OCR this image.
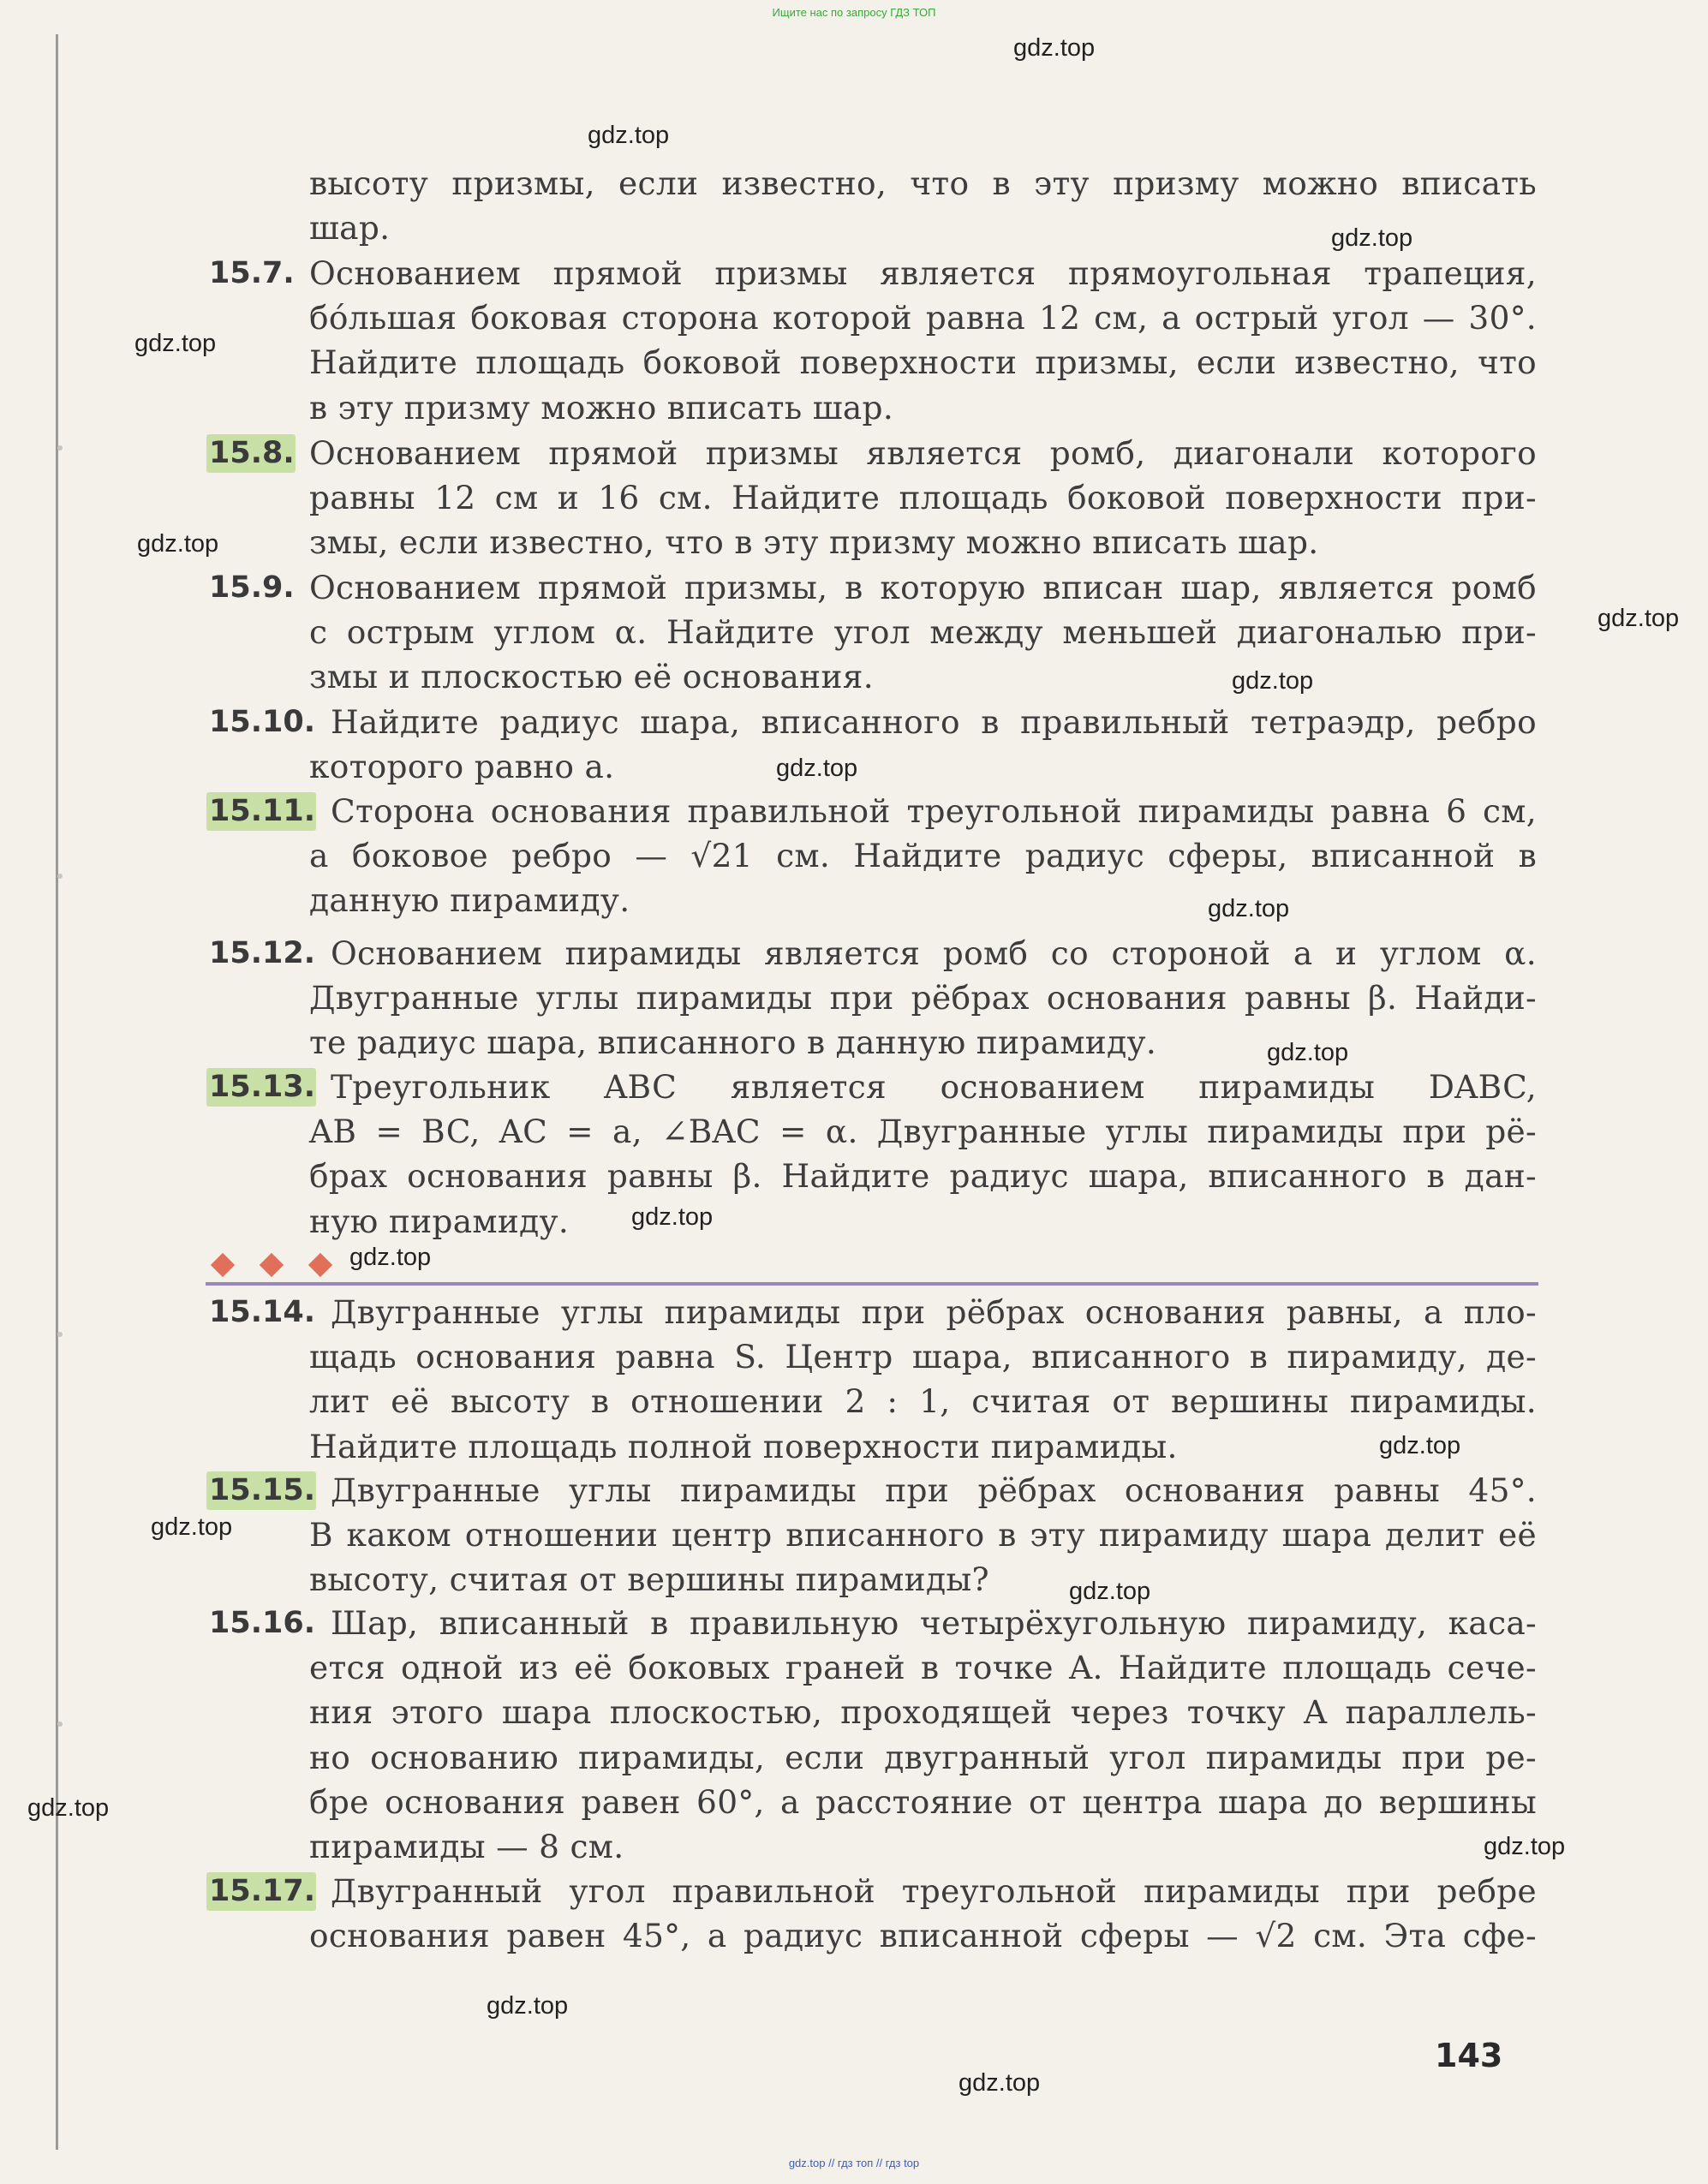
Ищите нас по запросу ГДЗ ТОП
высоту призмы, если известно, что в эту призму можно вписать
шар.
15.7. Основанием прямой призмы является прямоугольная трапеция,
бóльшая боковая сторона которой равна 12 см, а острый угол — 30°.
Найдите площадь боковой поверхности призмы, если известно, что
в эту призму можно вписать шар.
15.8. Основанием прямой призмы является ромб, диагонали которого
равны 12 см и 16 см. Найдите площадь боковой поверхности при-
змы, если известно, что в эту призму можно вписать шар.
15.9. Основанием прямой призмы, в которую вписан шар, является ромб
с острым углом α. Найдите угол между меньшей диагональю при-
змы и плоскостью её основания.
15.10. Найдите радиус шара, вписанного в правильный тетраэдр, ребро
которого равно a.
15.11. Сторона основания правильной треугольной пирамиды равна 6 см,
а боковое ребро — √21 см. Найдите радиус сферы, вписанной в
данную пирамиду.
15.12. Основанием пирамиды является ромб со стороной a и углом α.
Двугранные углы пирамиды при рёбрах основания равны β. Найди-
те радиус шара, вписанного в данную пирамиду.
15.13. Треугольник ABC является основанием пирамиды DABC,
AB = BC, AC = a, ∠BAC = α. Двугранные углы пирамиды при рё-
брах основания равны β. Найдите радиус шара, вписанного в дан-
ную пирамиду.
15.14. Двугранные углы пирамиды при рёбрах основания равны, а пло-
щадь основания равна S. Центр шара, вписанного в пирамиду, де-
лит её высоту в отношении 2 : 1, считая от вершины пирамиды.
Найдите площадь полной поверхности пирамиды.
15.15. Двугранные углы пирамиды при рёбрах основания равны 45°.
В каком отношении центр вписанного в эту пирамиду шара делит её
высоту, считая от вершины пирамиды?
15.16. Шар, вписанный в правильную четырёхугольную пирамиду, каса-
ется одной из её боковых граней в точке A. Найдите площадь сече-
ния этого шара плоскостью, проходящей через точку A параллель-
но основанию пирамиды, если двугранный угол пирамиды при ре-
бре основания равен 60°, а расстояние от центра шара до вершины
пирамиды — 8 см.
15.17. Двугранный угол правильной треугольной пирамиды при ребре
основания равен 45°, а радиус вписанной сферы — √2 см. Эта сфе-
gdz.top
gdz.top
gdz.top
gdz.top
gdz.top
gdz.top
gdz.top
gdz.top
gdz.top
gdz.top
gdz.top
gdz.top
gdz.top
gdz.top
gdz.top
gdz.top
gdz.top
gdz.top
gdz.top
143
gdz.top // гдз топ // гдз top
